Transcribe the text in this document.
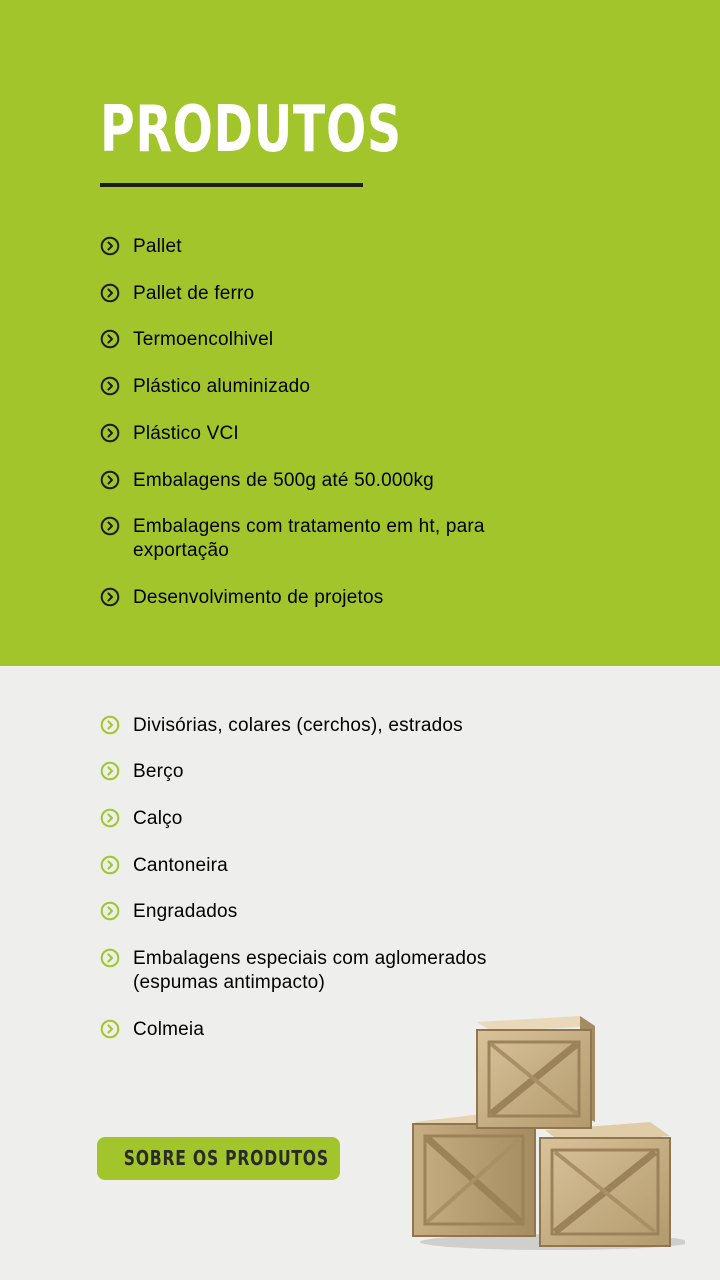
PRODUTOS
Pallet
Pallet de ferro
Termoencolhivel
Plástico aluminizado
Plástico VCI
Embalagens de 500g até 50.000kg
Embalagens com tratamento em ht, para exportação
Desenvolvimento de projetos
Divisórias, colares (cerchos), estrados
Berço
Calço
Cantoneira
Engradados
Embalagens especiais com aglomerados (espumas antimpacto)
Colmeia
SOBRE OS PRODUTOS
